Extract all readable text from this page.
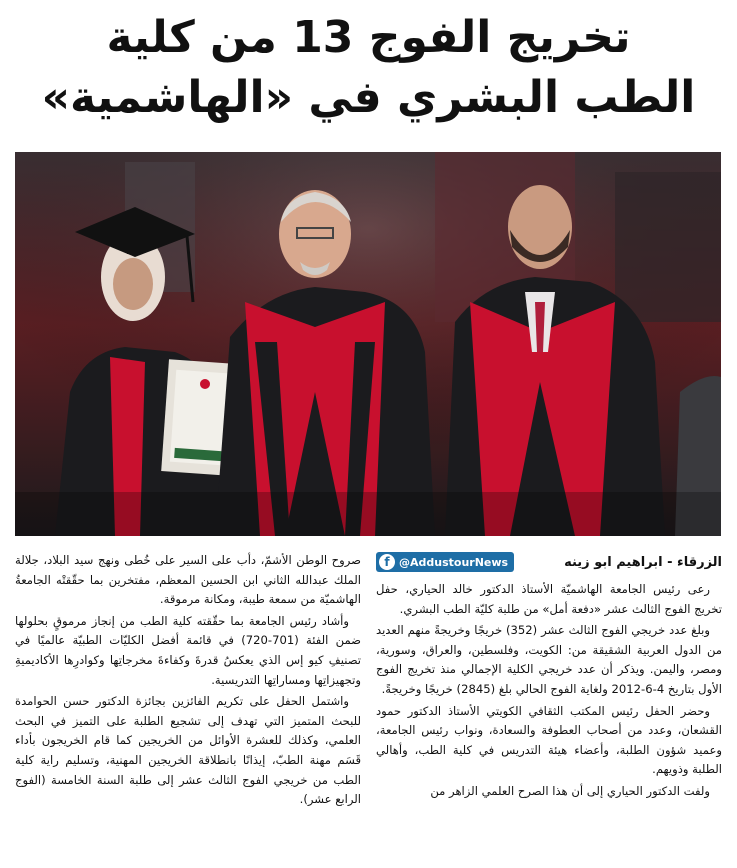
تخريج الفوج 13 من كلية
الطب البشري في «الهاشمية»
الزرقاء - ابراهيم ابو زينه
f @AddustourNews

رعى رئيس الجامعة الهاشميّة الأستاذ الدكتور خالد الحياري، حفل تخريج الفوج الثالث عشر «دفعة أمل» من طلبة كليّة الطب البشري.

وبلغ عدد خريجي الفوج الثالث عشر (352) خريجًا وخريجةً منهم العديد من الدول العربية الشقيقة من: الكويت، وفلسطين، والعراق، وسورية، ومصر، واليمن. ويذكر أن عدد خريجي الكلية الإجمالي منذ تخريج الفوج الأول بتاريخ 4-6-2012 ولغاية الفوج الحالي بلغ (2845) خريجًا وخريجةً.

وحضر الحفل رئيس المكتب الثقافي الكويتي الأستاذ الدكتور حمود القشعان، وعدد من أصحاب العطوفة والسعادة، ونواب رئيس الجامعة، وعميد شؤون الطلبة، وأعضاء هيئة التدريس في كلية الطب، وأهالي الطلبة وذويهم.

ولفت الدكتور الحياري إلى أن هذا الصرح العلمي الزاهر من

صروح الوطن الأشمّ، دأب على السير على خُطى ونهج سيد البلاد، جلالة الملك عبدالله الثاني ابن الحسين المعظم، مفتخرين بما حقّقتْه الجامعةُ الهاشميّة من سمعة طيبة، ومكانة مرموقة.

وأشاد رئيس الجامعة بما حقّقته كلية الطب من إنجاز مرموقٍ بحلولها ضمن الفئة (701-720) في قائمة أفضل الكليّات الطبيّة عالميًا في تصنيفِ كيو إس الذي يعكسُ قدرةَ وكفاءةَ مخرجاتِها وكوادرِها الأكاديميةِ وتجهيزاتِها ومساراتِها التدريسية.

واشتمل الحفل على تكريم الفائزين بجائزة الدكتور حسن الحوامدة للبحث المتميز التي تهدف إلى تشجيع الطلبة على التميز في البحث العلمي، وكذلك للعشرة الأوائل من الخريجين كما قام الخريجون بأداء قَسَم مهنة الطبّ، إيذانًا بانطلاقة الخريجين المهنية، وتسليم راية كلية الطب من خريجي الفوج الثالث عشر إلى طلبة السنة الخامسة (الفوج الرابع عشر).
